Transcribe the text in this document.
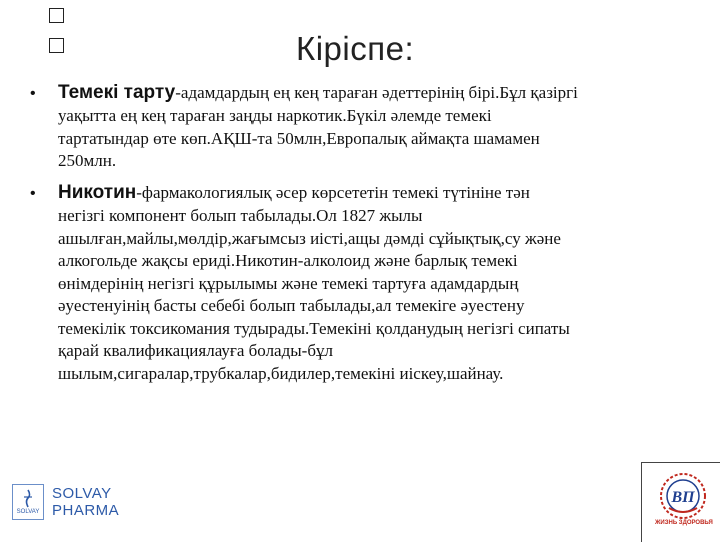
Кіріспе:
•	Темекі тарту -адамдардың ең кең тараған әдеттерінің бірі.Бұл қазіргі
уақытта ең кең тараған заңды наркотик.Бүкіл әлемде темекі
тартатындар өте көп.АҚШ-та 50млн,Европалық аймақта шамамен
250млн.
•	Никотин -фармакологиялық әсер көрсететін темекі түтініне тән
негізгі компонент болып табылады.Ол 1827 жылы
ашылған,майлы,мөлдір,жағымсыз иісті,ащы дәмді сұйықтық,су және
алкогольде жақсы ериді.Никотин-алколоид және барлық темекі
өнімдерінің негізгі құрылымы және темекі тартуға адамдардың
әуестенуінің басты себебі болып табылады,ал темекіге әуестену
темекілік токсикомания тудырады.Темекіні қолданудың негізгі сипаты
қарай квалификациялауға болады-бұл
шылым,сигаралар,трубкалар,бидилер,темекіні иіскеу,шайнау.
SOLVAY
SOLVAY
PHARMA
ВП
ЖИЗНЬ ЗДОРОВЬЯ
